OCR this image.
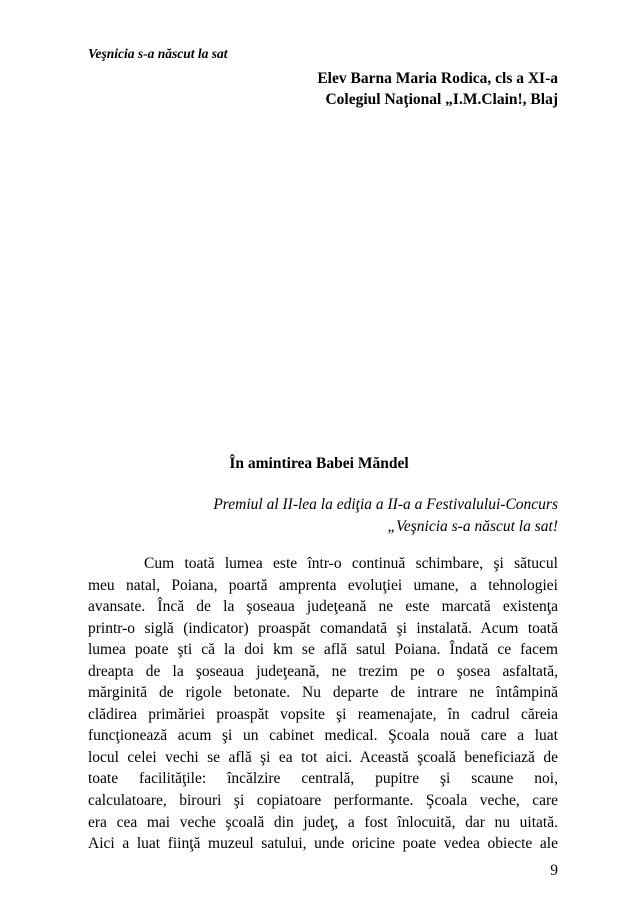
Veşnicia s-a născut la sat
Elev Barna Maria Rodica, cls a XI-a
Colegiul Naţional „I.M.Clain!, Blaj
În amintirea Babei Măndel
Premiul al II-lea la ediţia a II-a a Festivalului-Concurs
„Veşnicia s-a născut la sat!
Cum toată lumea este într-o continuă schimbare, şi sătucul
meu natal, Poiana, poartă amprenta evoluţiei umane, a tehnologiei
avansate. Încă de la şoseaua judeţeană ne este marcată existenţa
printr-o siglă (indicator) proaspăt comandată şi instalată. Acum toată
lumea poate şti că la doi km se află satul Poiana. Îndată ce facem
dreapta de la şoseaua judeţeană, ne trezim pe o şosea asfaltată,
mărginită de rigole betonate. Nu departe de intrare ne întâmpină
clădirea primăriei proaspăt vopsite şi reamenajate, în cadrul căreia
funcţionează acum şi un cabinet medical. Şcoala nouă care a luat
locul celei vechi se află şi ea tot aici. Această şcoală beneficiază de
toate facilităţile: încălzire centrală, pupitre şi scaune noi,
calculatoare, birouri şi copiatoare performante. Şcoala veche, care
era cea mai veche şcoală din judeţ, a fost înlocuită, dar nu uitată.
Aici a luat fiinţă muzeul satului, unde oricine poate vedea obiecte ale
9
